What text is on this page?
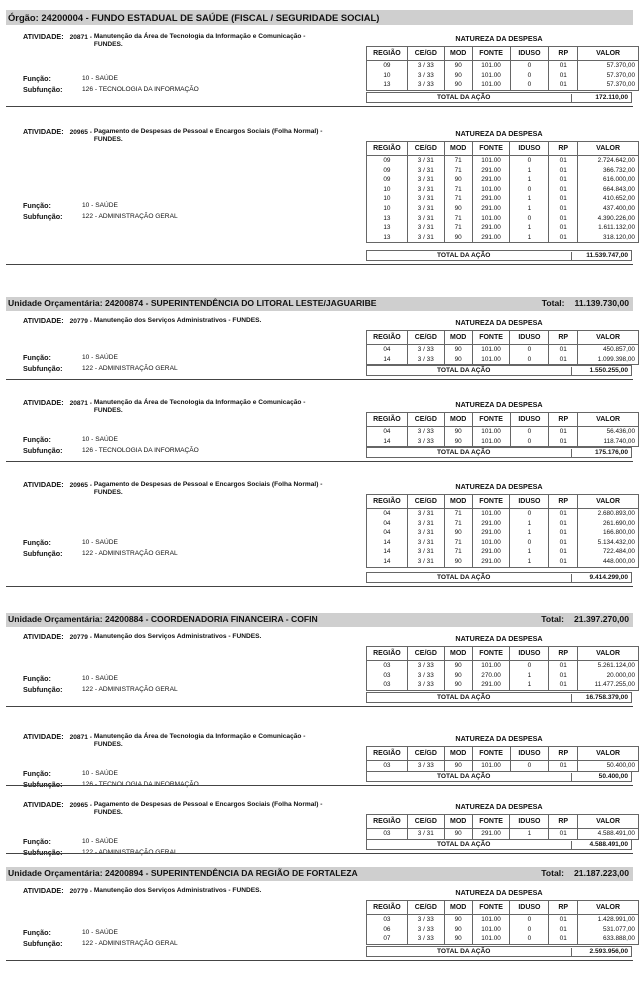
Órgão: 24200004 - FUNDO ESTADUAL DE SAÚDE (FISCAL / SEGURIDADE SOCIAL)
ATIVIDADE: 20871 - Manutenção da Área de Tecnologia da Informação e Comunicação - FUNDES.
NATUREZA DA DESPESA
REGIÃO	CE/GD	MOD	FONTE	IDUSO	RP	VALOR
09	3 / 33	90	101.00	0	01	57.370,00
10	3 / 33	90	101.00	0	01	57.370,00
13	3 / 33	90	101.00	0	01	57.370,00
Função:	10 - SAÚDE
Subfunção:	126 - TECNOLOGIA DA INFORMAÇÃO
TOTAL DA AÇÃO	172.110,00
ATIVIDADE: 20965 - Pagamento de Despesas de Pessoal e Encargos Sociais (Folha Normal) - FUNDES.
NATUREZA DA DESPESA
REGIÃO	CE/GD	MOD	FONTE	IDUSO	RP	VALOR
09	3 / 31	71	101.00	0	01	2.724.642,00
09	3 / 31	71	291.00	1	01	366.732,00
09	3 / 31	90	291.00	1	01	616.000,00
10	3 / 31	71	101.00	0	01	664.843,00
10	3 / 31	71	291.00	1	01	410.652,00
10	3 / 31	90	291.00	1	01	437.400,00
13	3 / 31	71	101.00	0	01	4.390.226,00
13	3 / 31	71	291.00	1	01	1.611.132,00
13	3 / 31	90	291.00	1	01	318.120,00
Função:	10 - SAÚDE
Subfunção:	122 - ADMINISTRAÇÃO GERAL
TOTAL DA AÇÃO	11.539.747,00
Unidade Orçamentária: 24200874 - SUPERINTENDÊNCIA DO LITORAL LESTE/JAGUARIBE	Total: 11.139.730,00
ATIVIDADE: 20779 - Manutenção dos Serviços Administrativos - FUNDES.	NATUREZA DA DESPESA
REGIÃO	CE/GD	MOD	FONTE	IDUSO	RP	VALOR
04	3 / 33	90	101.00	0	01	450.857,00
14	3 / 33	90	101.00	0	01	1.099.398,00
Função:	10 - SAÚDE
Subfunção:	122 - ADMINISTRAÇÃO GERAL	TOTAL DA AÇÃO	1.550.255,00
ATIVIDADE: 20871 - Manutenção da Área de Tecnologia da Informação e Comunicação - FUNDES.
NATUREZA DA DESPESA
REGIÃO	CE/GD	MOD	FONTE	IDUSO	RP	VALOR
04	3 / 33	90	101.00	0	01	56.436,00
14	3 / 33	90	101.00	0	01	118.740,00
Função:	10 - SAÚDE
Subfunção:	126 - TECNOLOGIA DA INFORMAÇÃO	TOTAL DA AÇÃO	175.176,00
ATIVIDADE: 20965 - Pagamento de Despesas de Pessoal e Encargos Sociais (Folha Normal) - FUNDES.
NATUREZA DA DESPESA
REGIÃO	CE/GD	MOD	FONTE	IDUSO	RP	VALOR
04	3 / 31	71	101.00	0	01	2.680.893,00
04	3 / 31	71	291.00	1	01	261.690,00
04	3 / 31	90	291.00	1	01	166.800,00
14	3 / 31	71	101.00	0	01	5.134.432,00
14	3 / 31	71	291.00	1	01	722.484,00
14	3 / 31	90	291.00	1	01	448.000,00
Função:	10 - SAÚDE
Subfunção:	122 - ADMINISTRAÇÃO GERAL
TOTAL DA AÇÃO	9.414.299,00
Unidade Orçamentária: 24200884 - COORDENADORIA FINANCEIRA - COFIN	Total: 21.397.270,00
ATIVIDADE: 20779 - Manutenção dos Serviços Administrativos - FUNDES.	NATUREZA DA DESPESA
REGIÃO	CE/GD	MOD	FONTE	IDUSO	RP	VALOR
03	3 / 33	90	101.00	0	01	5.261.124,00
03	3 / 33	90	270.00	1	01	20.000,00
03	3 / 33	90	291.00	1	01	11.477.255,00
Função:	10 - SAÚDE
Subfunção:	122 - ADMINISTRAÇÃO GERAL
TOTAL DA AÇÃO	16.758.379,00
ATIVIDADE: 20871 - Manutenção da Área de Tecnologia da Informação e Comunicação - FUNDES.
NATUREZA DA DESPESA
REGIÃO	CE/GD	MOD	FONTE	IDUSO	RP	VALOR
03	3 / 33	90	101.00	0	01	50.400,00
Função:	10 - SAÚDE
Subfunção:	126 - TECNOLOGIA DA INFORMAÇÃO
TOTAL DA AÇÃO	50.400,00
ATIVIDADE: 20965 - Pagamento de Despesas de Pessoal e Encargos Sociais (Folha Normal) - FUNDES.
NATUREZA DA DESPESA
REGIÃO	CE/GD	MOD	FONTE	IDUSO	RP	VALOR
03	3 / 31	90	291.00	1	01	4.588.491,00
Função:	10 - SAÚDE
Subfunção:	122 - ADMINISTRAÇÃO GERAL
TOTAL DA AÇÃO	4.588.491,00
Unidade Orçamentária: 24200894 - SUPERINTENDÊNCIA DA REGIÃO DE FORTALEZA	Total: 21.187.223,00
ATIVIDADE: 20779 - Manutenção dos Serviços Administrativos - FUNDES.	NATUREZA DA DESPESA
REGIÃO	CE/GD	MOD	FONTE	IDUSO	RP	VALOR
03	3 / 33	90	101.00	0	01	1.428.991,00
06	3 / 33	90	101.00	0	01	531.077,00
07	3 / 33	90	101.00	0	01	633.888,00
Função:	10 - SAÚDE
Subfunção:	122 - ADMINISTRAÇÃO GERAL
TOTAL DA AÇÃO	2.593.956,00
